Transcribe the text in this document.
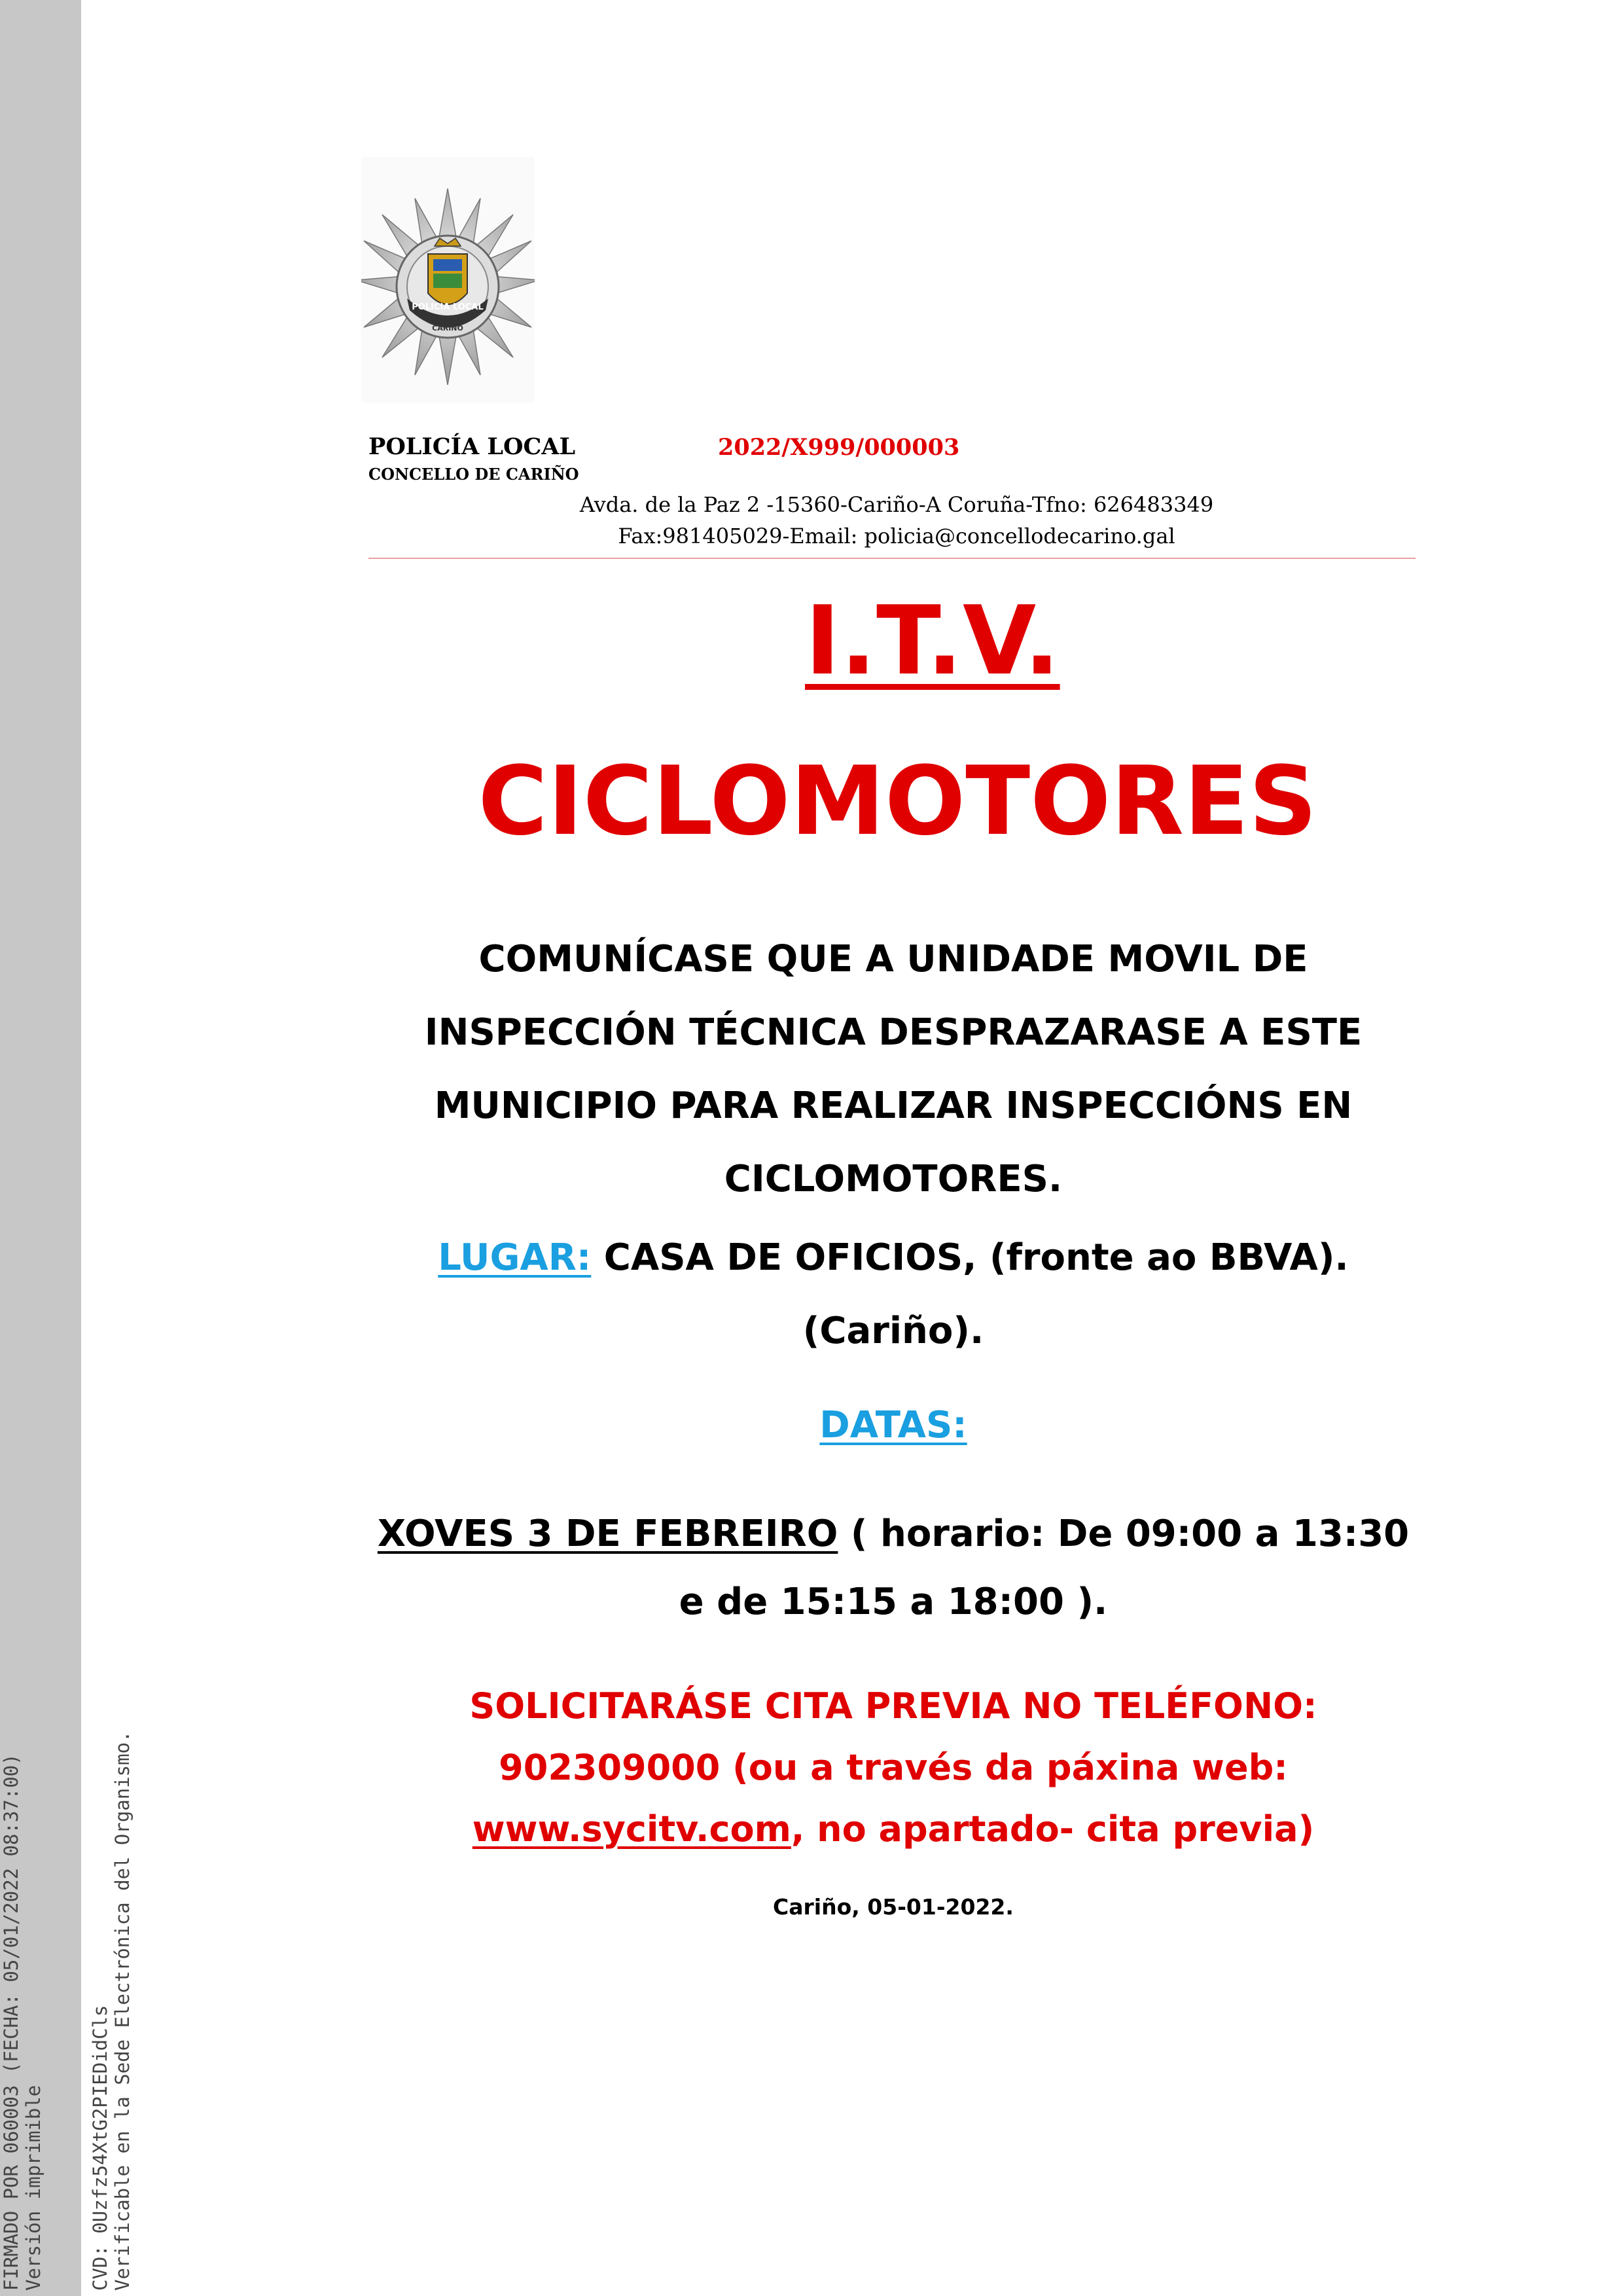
FIRMADO POR 060003 (FECHA: 05/01/2022 08:37:00) Versión imprimible CVD: 0Uzfz54XtG2PIEDidCls Verificable en la Sede Electrónica del Organismo.
POLICIA LOCAL
CARIÑO
POLICÍA LOCAL
CONCELLO DE CARIÑO
2022/X999/000003
Avda. de la Paz 2 -15360-Cariño-A Coruña-Tfno: 626483349
Fax:981405029-Email: policia@concellodecarino.gal
I.T.V.
CICLOMOTORES
COMUNÍCASE QUE A UNIDADE MOVIL DE INSPECCIÓN TÉCNICA DESPRAZARASE A ESTE MUNICIPIO PARA REALIZAR INSPECCIÓNS EN CICLOMOTORES.
LUGAR: CASA DE OFICIOS, (fronte ao BBVA). (Cariño).
DATAS:
XOVES 3 DE FEBREIRO ( horario: De 09:00 a 13:30 e de 15:15 a 18:00 ).
SOLICITARÁSE CITA PREVIA NO TELÉFONO: 902309000 (ou a través da páxina web: www.sycitv.com, no apartado- cita previa)
Cariño, 05-01-2022.
